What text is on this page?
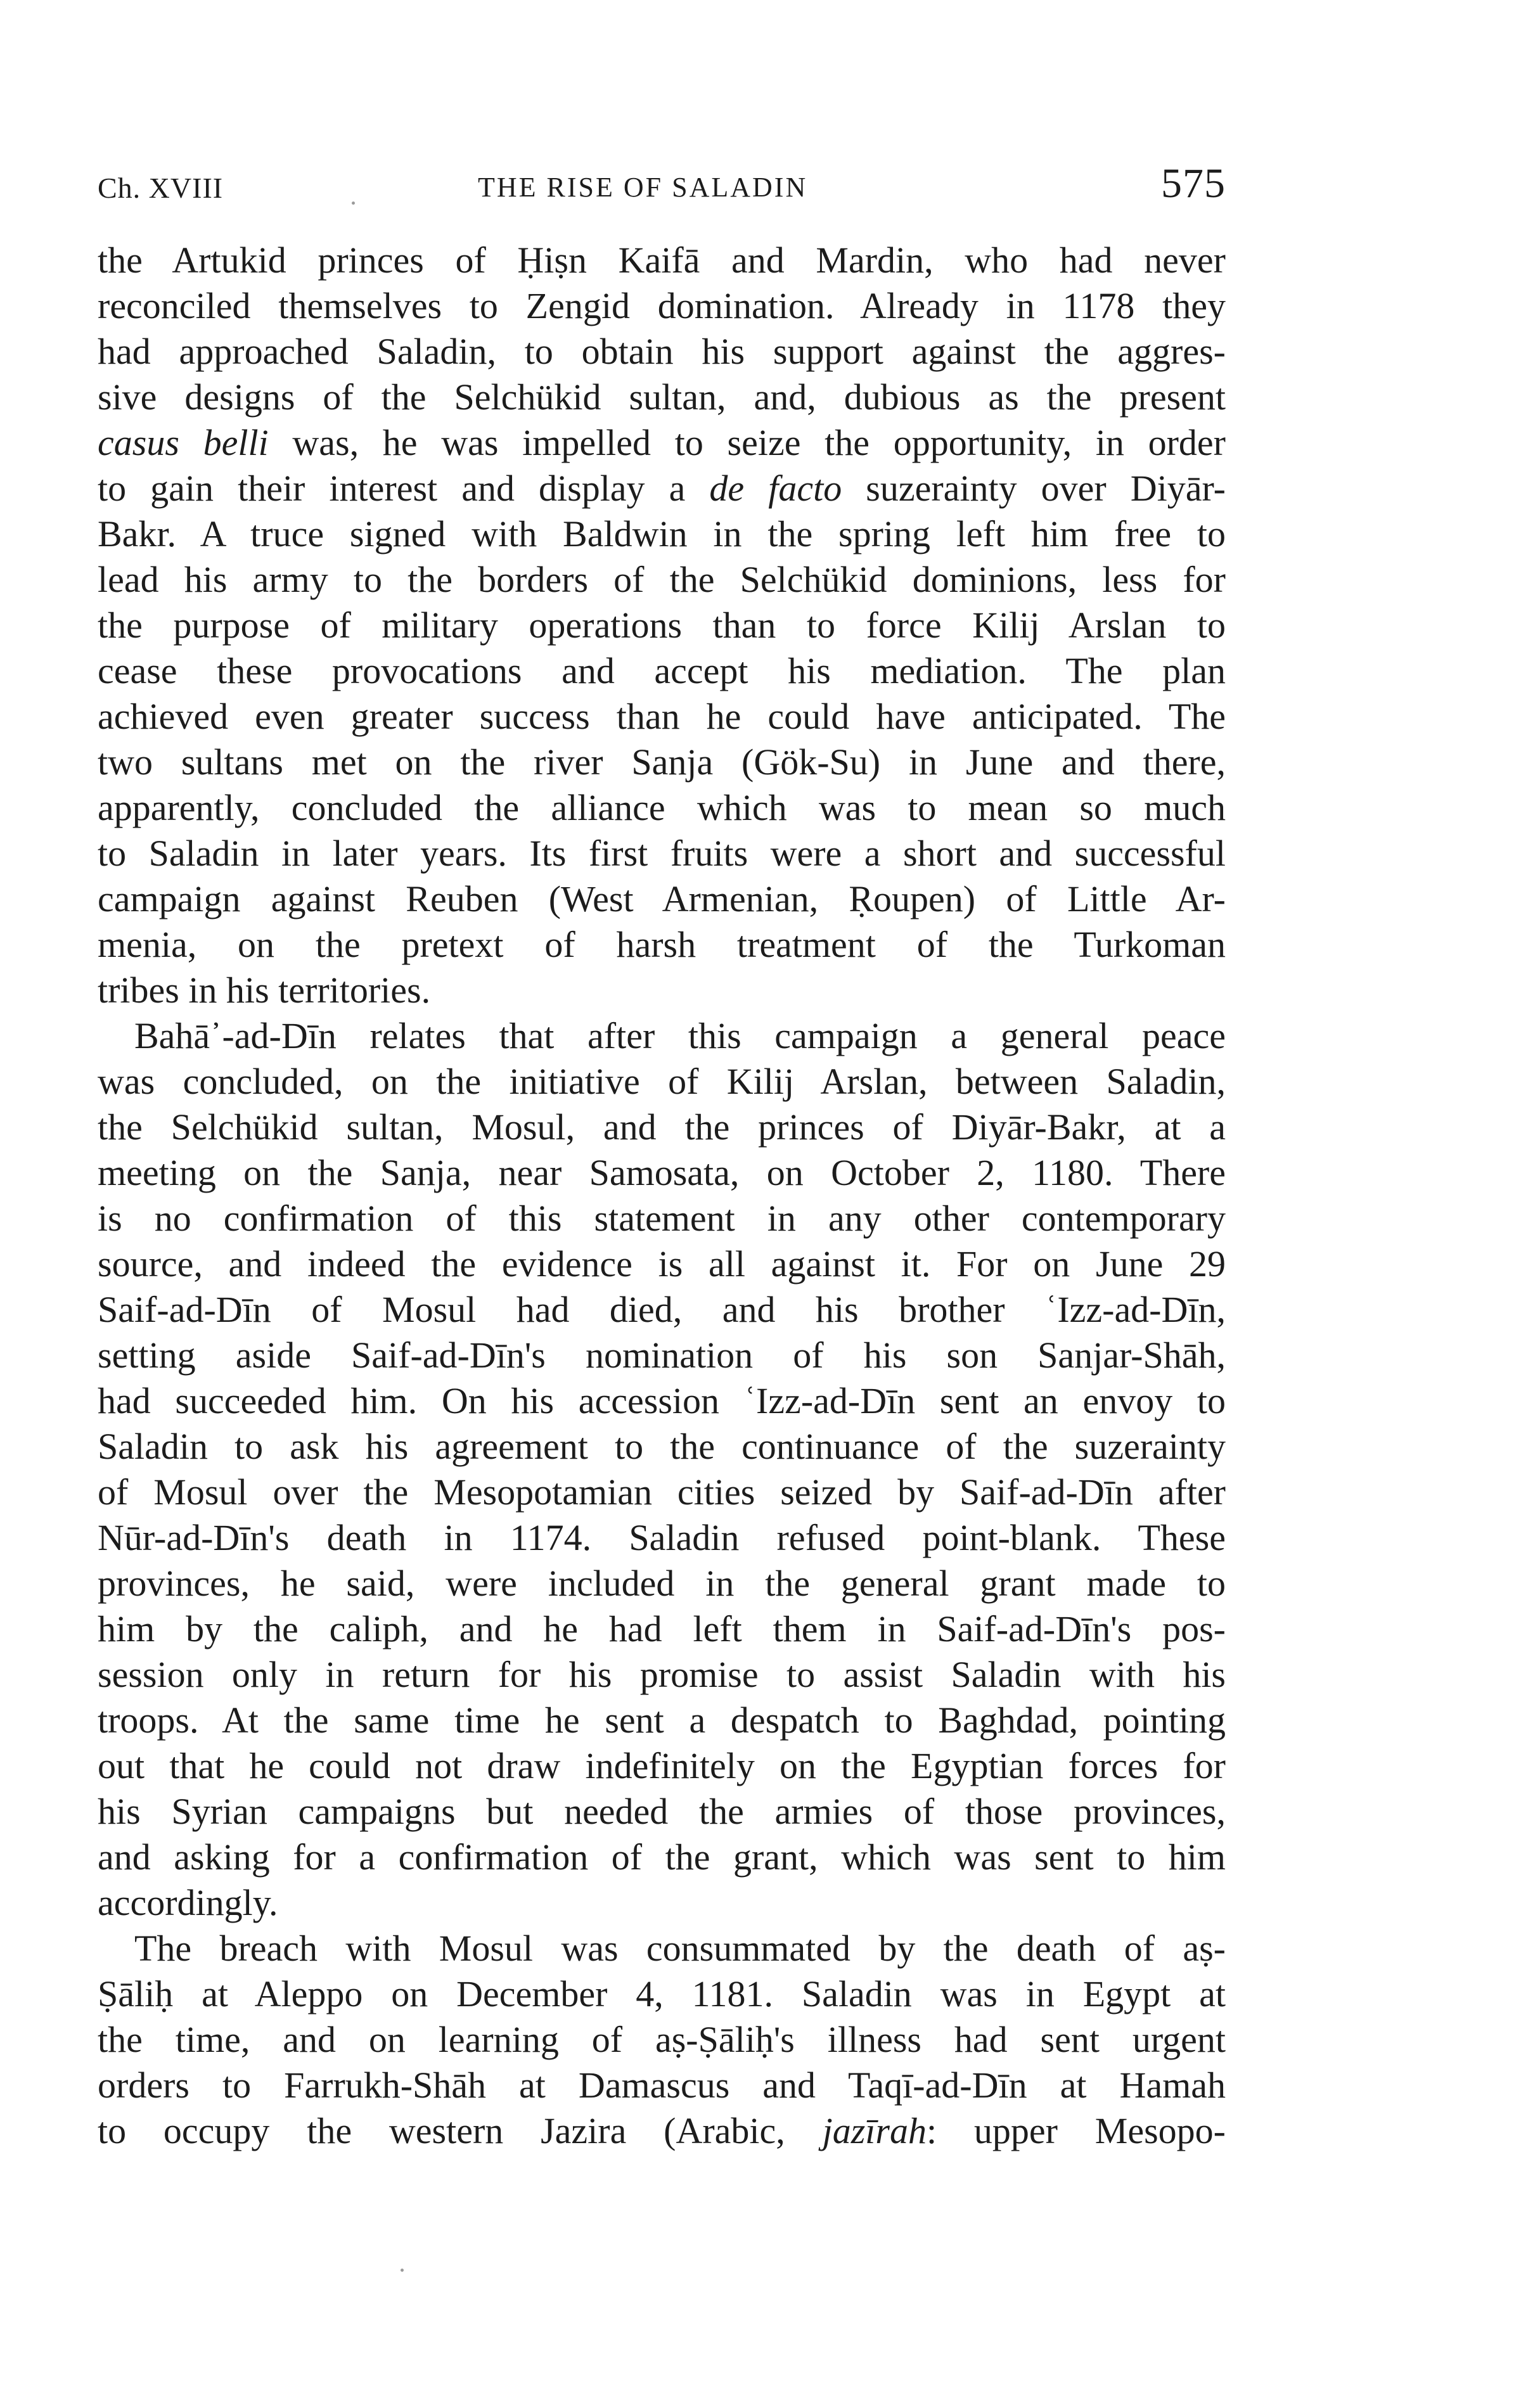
Ch. XVIII	THE RISE OF SALADIN	575
the Artukid princes of Ḥiṣn Kaifā and Mardin, who had never
reconciled themselves to Zengid domination. Already in 1178 they
had approached Saladin, to obtain his support against the aggres-
sive designs of the Selchükid sultan, and, dubious as the present
casus belli was, he was impelled to seize the opportunity, in order
to gain their interest and display a de facto suzerainty over Diyār-
Bakr. A truce signed with Baldwin in the spring left him free to
lead his army to the borders of the Selchükid dominions, less for
the purpose of military operations than to force Kilij Arslan to
cease these provocations and accept his mediation. The plan
achieved even greater success than he could have anticipated. The
two sultans met on the river Sanja (Gök-Su) in June and there,
apparently, concluded the alliance which was to mean so much
to Saladin in later years. Its first fruits were a short and successful
campaign against Reuben (West Armenian, Ṛoupen) of Little Ar-
menia, on the pretext of harsh treatment of the Turkoman
tribes in his territories.
Bahā᾽-ad-Dīn relates that after this campaign a general peace
was concluded, on the initiative of Kilij Arslan, between Saladin,
the Selchükid sultan, Mosul, and the princes of Diyār-Bakr, at a
meeting on the Sanja, near Samosata, on October 2, 1180. There
is no confirmation of this statement in any other contemporary
source, and indeed the evidence is all against it. For on June 29
Saif-ad-Dīn of Mosul had died, and his brother ʿIzz-ad-Dīn,
setting aside Saif-ad-Dīn's nomination of his son Sanjar-Shāh,
had succeeded him. On his accession ʿIzz-ad-Dīn sent an envoy to
Saladin to ask his agreement to the continuance of the suzerainty
of Mosul over the Mesopotamian cities seized by Saif-ad-Dīn after
Nūr-ad-Dīn's death in 1174. Saladin refused point-blank. These
provinces, he said, were included in the general grant made to
him by the caliph, and he had left them in Saif-ad-Dīn's pos-
session only in return for his promise to assist Saladin with his
troops. At the same time he sent a despatch to Baghdad, pointing
out that he could not draw indefinitely on the Egyptian forces for
his Syrian campaigns but needed the armies of those provinces,
and asking for a confirmation of the grant, which was sent to him
accordingly.
The breach with Mosul was consummated by the death of aṣ-
Ṣāliḥ at Aleppo on December 4, 1181. Saladin was in Egypt at
the time, and on learning of aṣ-Ṣāliḥ's illness had sent urgent
orders to Farrukh-Shāh at Damascus and Taqī-ad-Dīn at Hamah
to occupy the western Jazira (Arabic, jazīrah: upper Mesopo-
